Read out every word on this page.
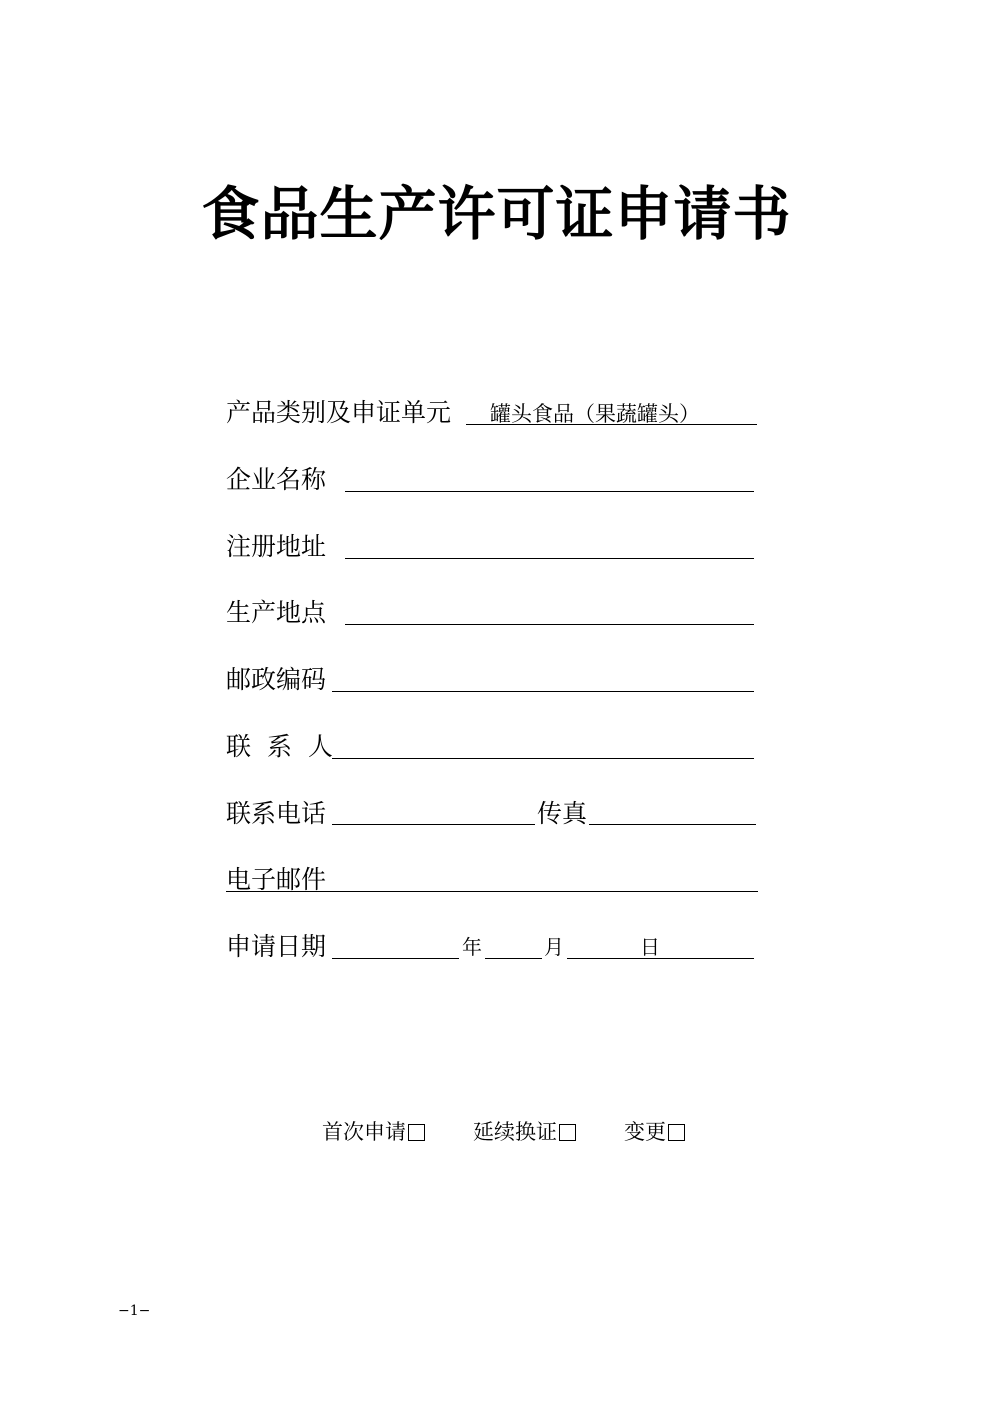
食品生产许可证申请书
产品类别及申证单元 罐头食品（果蔬罐头）
企业名称
注册地址
生产地点
邮政编码
联 系 人
联系电话	传真
电子邮件
申请日期	年	月	日
首次申请	延续换证	变更
−1−
